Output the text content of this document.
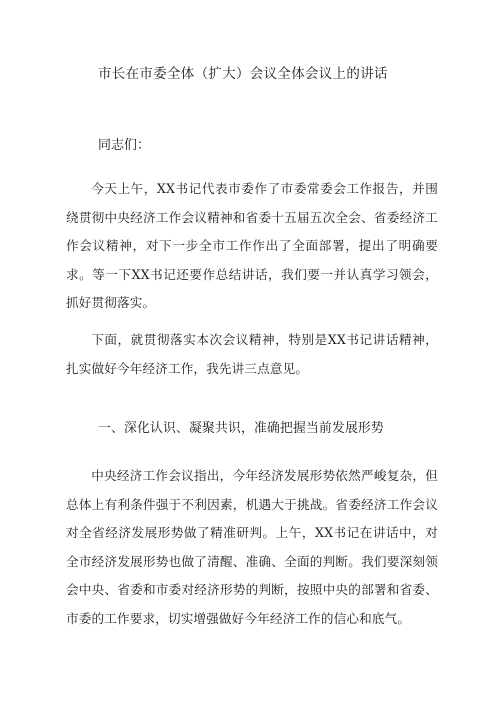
市长在市委全体（扩大）会议全体会议上的讲话
同志们：

今天上午，XX书记代表市委作了市委常委会工作报告，并围绕贯彻中央经济工作会议精神和省委十五届五次全会、省委经济工作会议精神，对下一步全市工作作出了全面部署，提出了明确要求。等一下XX书记还要作总结讲话，我们要一并认真学习领会，抓好贯彻落实。

下面，就贯彻落实本次会议精神，特别是XX书记讲话精神，扎实做好今年经济工作，我先讲三点意见。

一、深化认识、凝聚共识，准确把握当前发展形势

中央经济工作会议指出，今年经济发展形势依然严峻复杂，但总体上有利条件强于不利因素，机遇大于挑战。省委经济工作会议对全省经济发展形势做了精准研判。上午，XX书记在讲话中，对全市经济发展形势也做了清醒、准确、全面的判断。我们要深刻领会中央、省委和市委对经济形势的判断，按照中央的部署和省委、市委的工作要求，切实增强做好今年经济工作的信心和底气。
